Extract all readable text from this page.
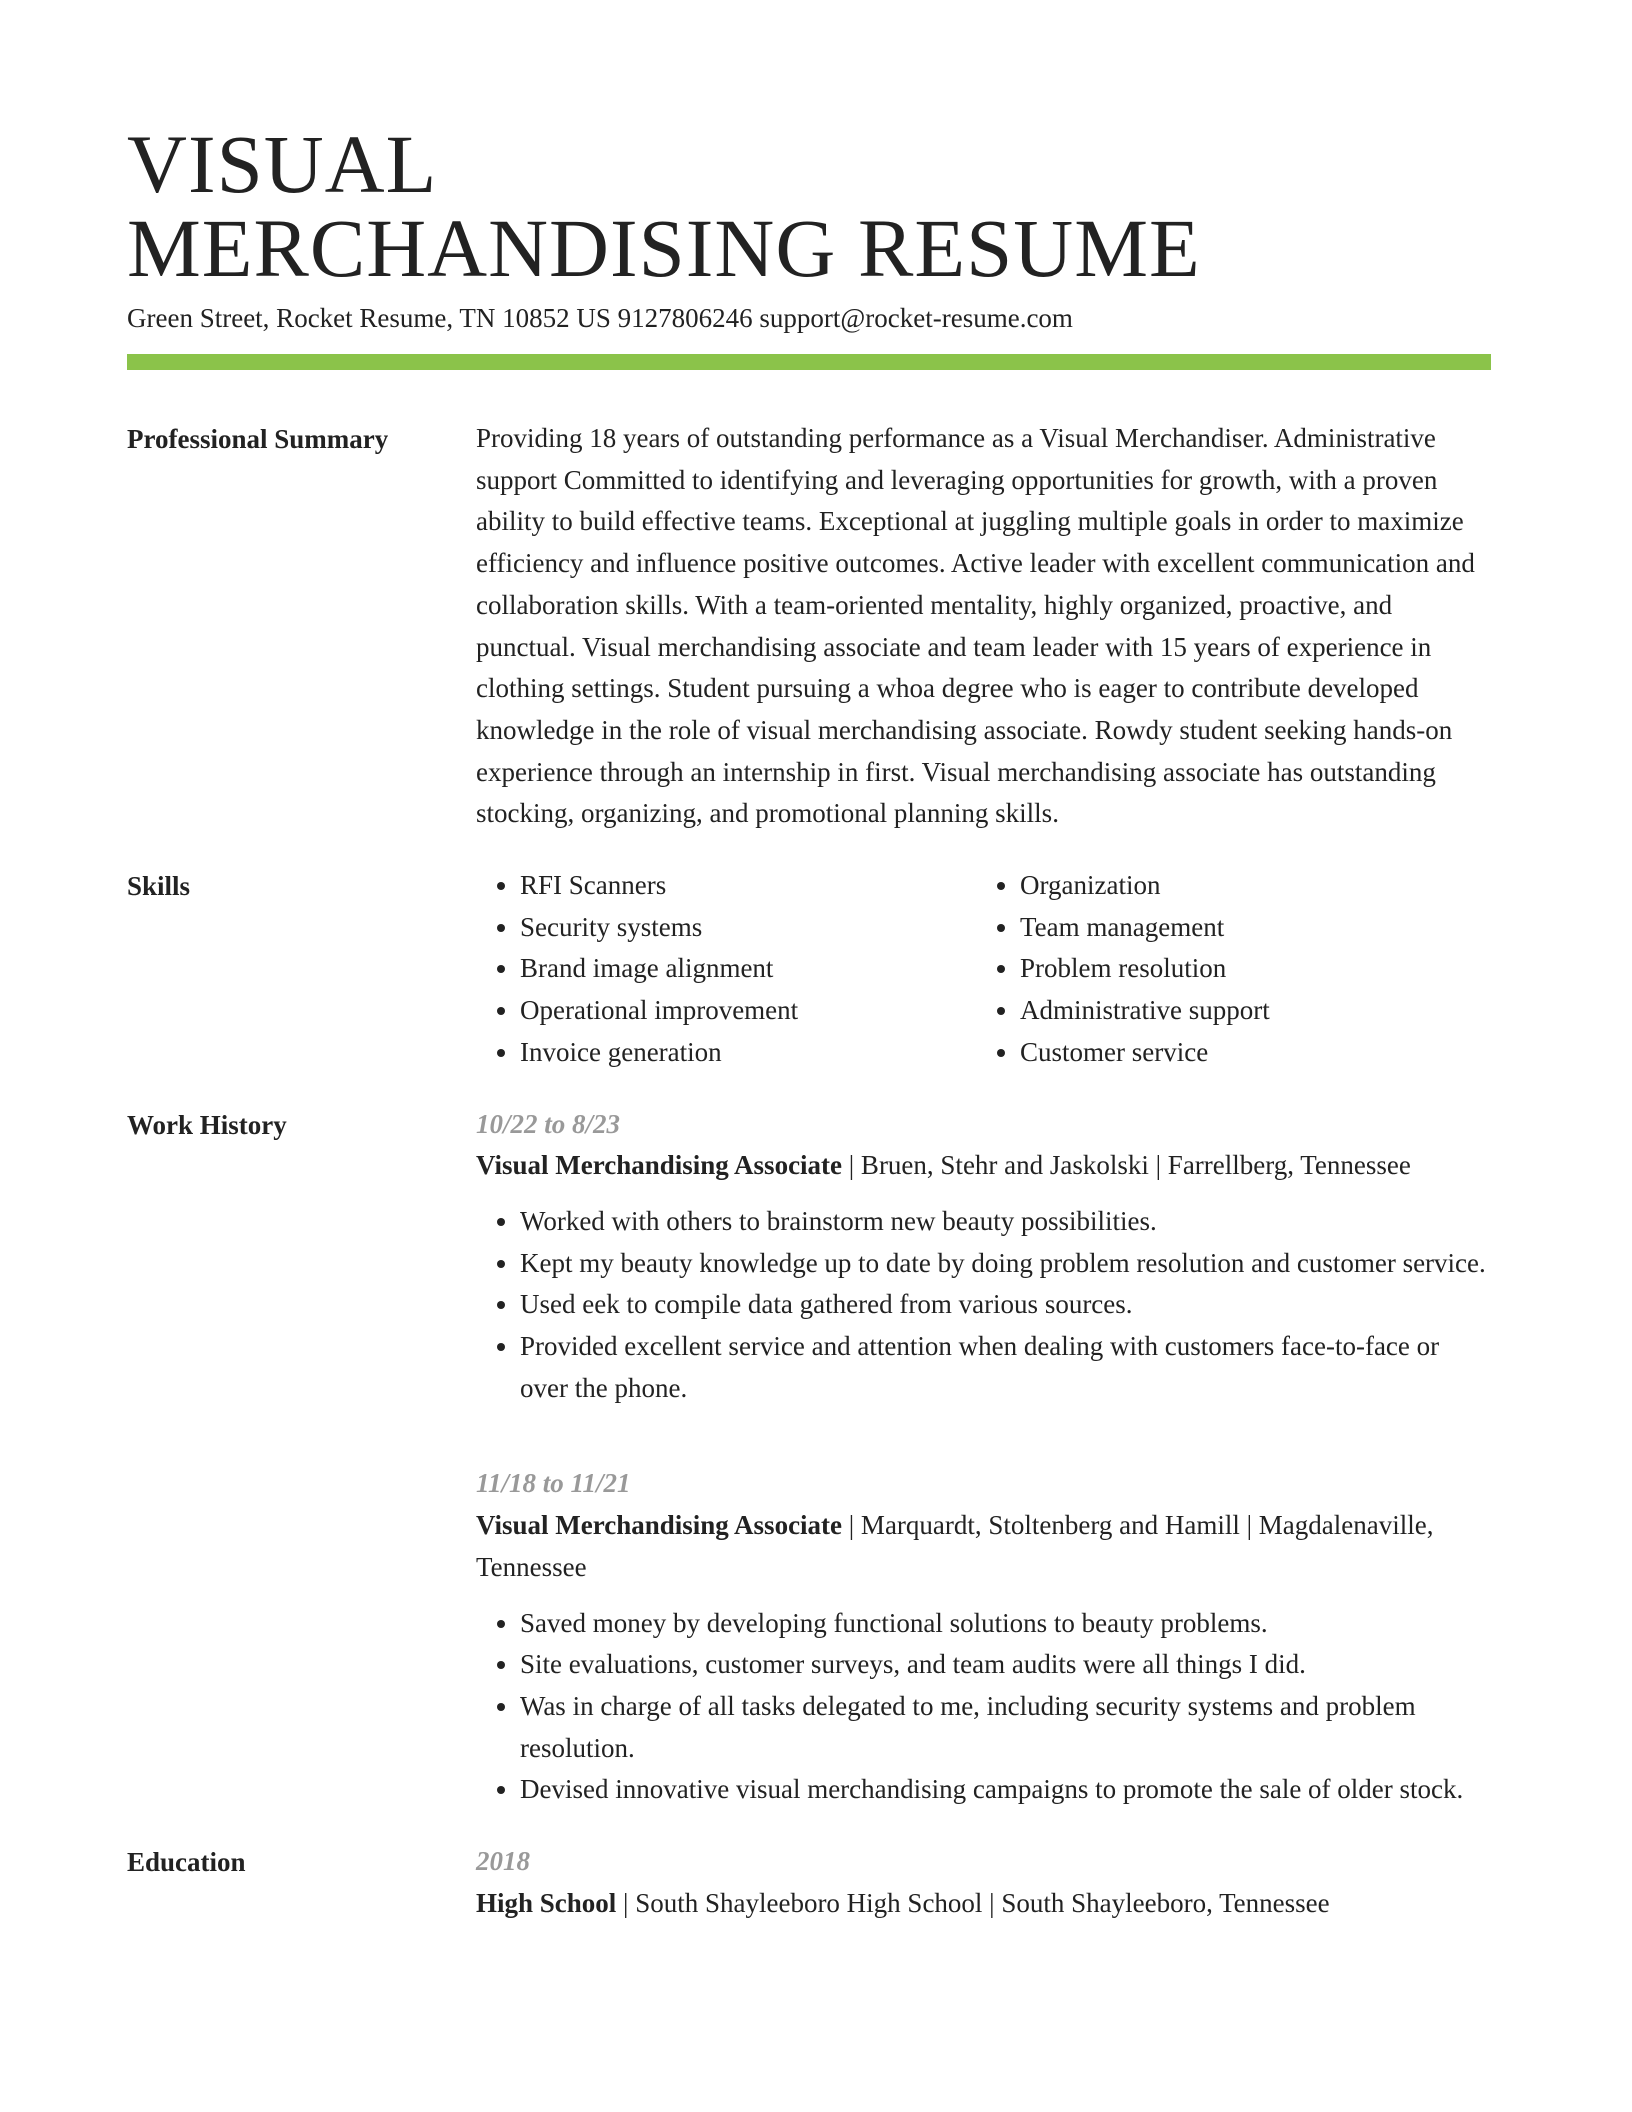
VISUAL
MERCHANDISING RESUME
Green Street, Rocket Resume, TN 10852 US 9127806246 support@rocket-resume.com
Professional Summary	Providing 18 years of outstanding performance as a Visual Merchandiser. Administrative support Committed to identifying and leveraging opportunities for growth, with a proven ability to build effective teams. Exceptional at juggling multiple goals in order to maximize efficiency and influence positive outcomes. Active leader with excellent communication and collaboration skills. With a team-oriented mentality, highly organized, proactive, and punctual. Visual merchandising associate and team leader with 15 years of experience in clothing settings. Student pursuing a whoa degree who is eager to contribute developed knowledge in the role of visual merchandising associate. Rowdy student seeking hands-on experience through an internship in first. Visual merchandising associate has outstanding stocking, organizing, and promotional planning skills.

Skills
•	RFI Scanners
• Security systems
• Brand image alignment
• Operational improvement
• Invoice generation
• Organization
• Team management
• Problem resolution
• Administrative support
• Customer service
Work History	10/22 to 8/23
Visual Merchandising Associate | Bruen, Stehr and Jaskolski | Farrellberg, Tennessee
• Worked with others to brainstorm new beauty possibilities.
• Kept my beauty knowledge up to date by doing problem resolution and customer service.
• Used eek to compile data gathered from various sources.
• Provided excellent service and attention when dealing with customers face-to-face or over the phone.
11/18 to 11/21
Visual Merchandising Associate | Marquardt, Stoltenberg and Hamill | Magdalenaville, Tennessee
• Saved money by developing functional solutions to beauty problems.
• Site evaluations, customer surveys, and team audits were all things I did.
• Was in charge of all tasks delegated to me, including security systems and problem resolution.
• Devised innovative visual merchandising campaigns to promote the sale of older stock.
Education	2018
High School | South Shayleeboro High School | South Shayleeboro, Tennessee
